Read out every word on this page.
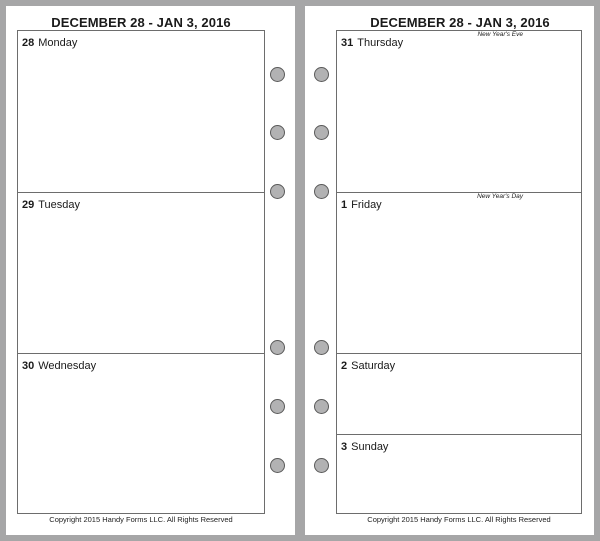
DECEMBER 28 - JAN 3, 2016
28 Monday
29 Tuesday
30 Wednesday
Copyright 2015 Handy Forms LLC. All Rights Reserved
DECEMBER 28 - JAN 3, 2016
New Year's Eve
31 Thursday
New Year's Day
1 Friday
2 Saturday
3 Sunday
Copyright 2015 Handy Forms LLC. All Rights Reserved
